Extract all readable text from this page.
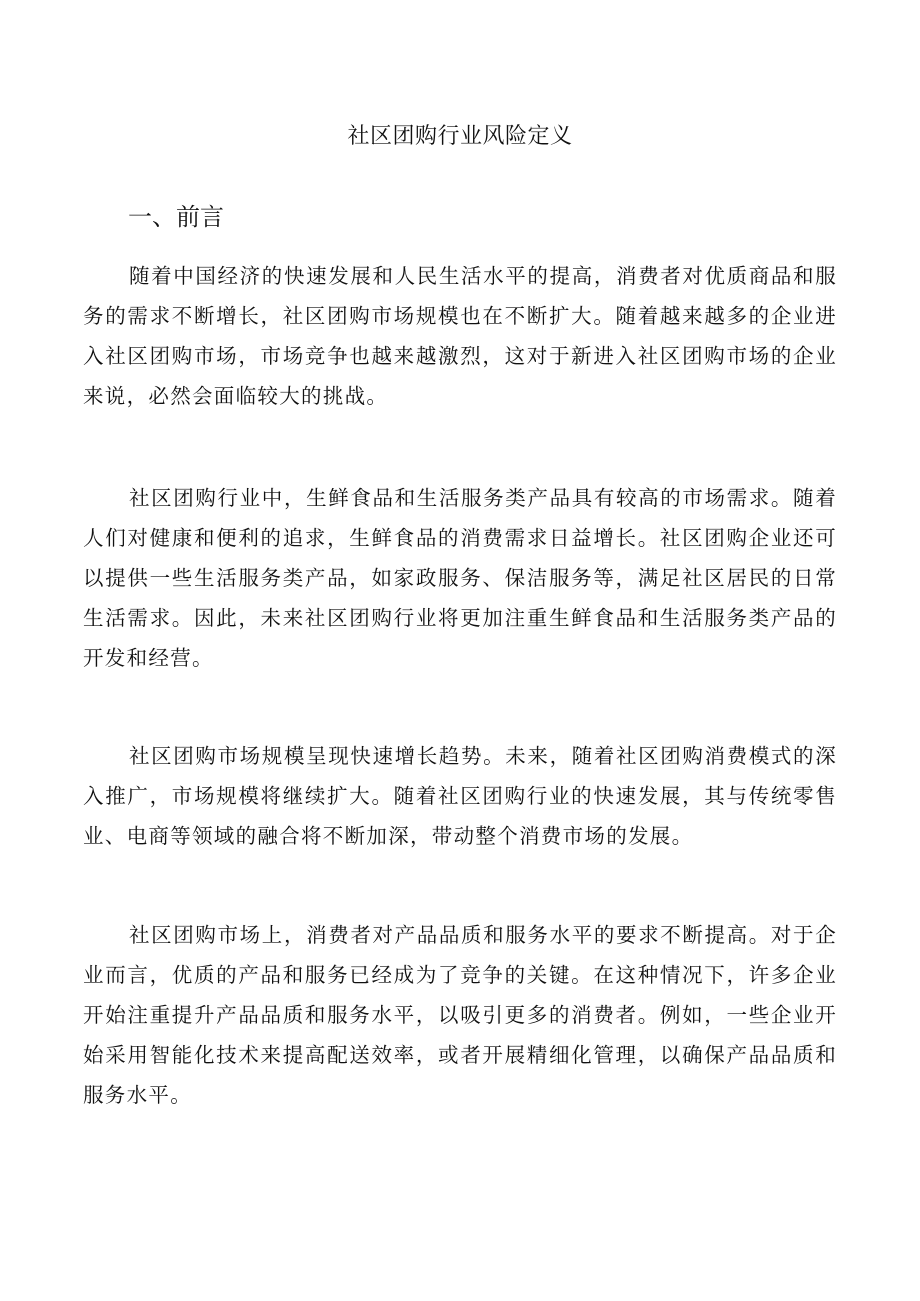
社区团购行业风险定义
一、前言

随着中国经济的快速发展和人民生活水平的提高，消费者对优质商品和服务的需求不断增长，社区团购市场规模也在不断扩大。随着越来越多的企业进入社区团购市场，市场竞争也越来越激烈，这对于新进入社区团购市场的企业来说，必然会面临较大的挑战。

社区团购行业中，生鲜食品和生活服务类产品具有较高的市场需求。随着人们对健康和便利的追求，生鲜食品的消费需求日益增长。社区团购企业还可以提供一些生活服务类产品，如家政服务、保洁服务等，满足社区居民的日常生活需求。因此，未来社区团购行业将更加注重生鲜食品和生活服务类产品的开发和经营。

社区团购市场规模呈现快速增长趋势。未来，随着社区团购消费模式的深入推广，市场规模将继续扩大。随着社区团购行业的快速发展，其与传统零售业、电商等领域的融合将不断加深，带动整个消费市场的发展。

社区团购市场上，消费者对产品品质和服务水平的要求不断提高。对于企业而言，优质的产品和服务已经成为了竞争的关键。在这种情况下，许多企业开始注重提升产品品质和服务水平，以吸引更多的消费者。例如，一些企业开始采用智能化技术来提高配送效率，或者开展精细化管理，以确保产品品质和服务水平。
